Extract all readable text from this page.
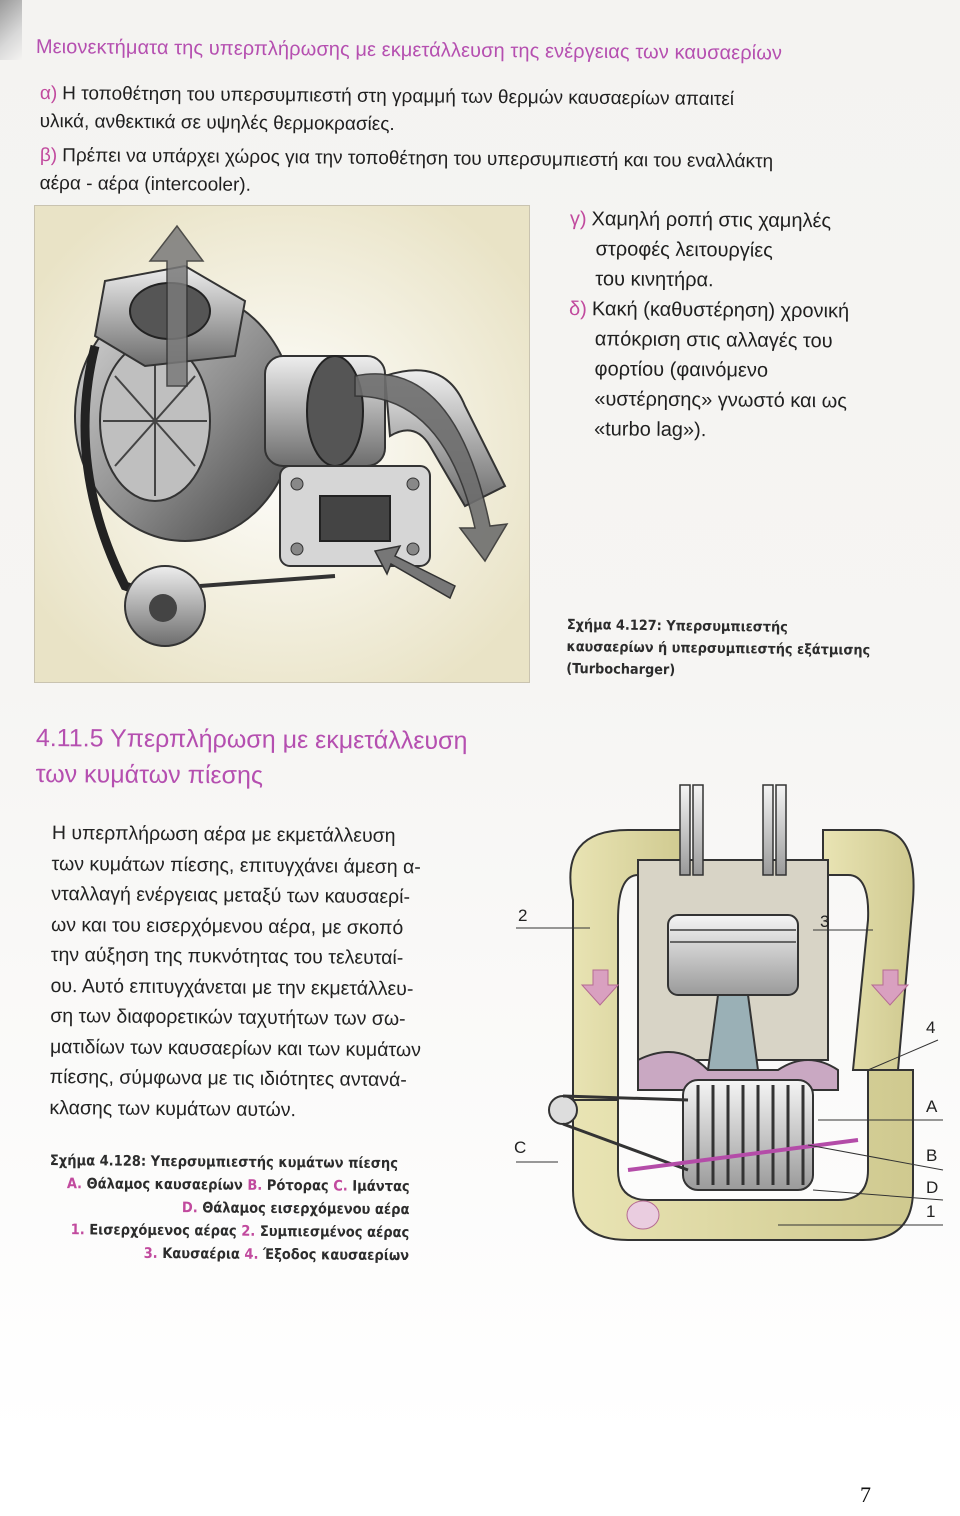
Μειονεκτήματα της υπερπλήρωσης με εκμετάλλευση της ενέργειας των καυσαερίων
α) Η τοποθέτηση του υπερσυμπιεστή στη γραμμή των θερμών καυσαερίων απαιτεί
υλικά, ανθεκτικά σε υψηλές θερμοκρασίες.
β) Πρέπει να υπάρχει χώρος για την τοποθέτηση του υπερσυμπιεστή και του εναλλάκτη
αέρα - αέρα (intercooler).
γ) Χαμηλή ροπή στις χαμηλές
στροφές λειτουργίες
του κινητήρα.
δ) Κακή (καθυστέρηση) χρονική
απόκριση στις αλλαγές του
φορτίου (φαινόμενο
«υστέρησης» γνωστό και ως
«turbo lag»).
Σχήμα 4.127: Υπερσυμπιεστής
καυσαερίων ή υπερσυμπιεστής εξάτμισης
(Turbocharger)
4.11.5 Υπερπλήρωση με εκμετάλλευση
των κυμάτων πίεσης
Η υπερπλήρωση αέρα με εκμετάλλευση
των κυμάτων πίεσης, επιτυγχάνει άμεση α-
νταλλαγή ενέργειας μεταξύ των καυσαερί-
ων και του εισερχόμενου αέρα, με σκοπό
την αύξηση της πυκνότητας του τελευταί-
ου. Αυτό επιτυγχάνεται με την εκμετάλλευ-
ση των διαφορετικών ταχυτήτων των σω-
ματιδίων των καυσαερίων και των κυμάτων
πίεσης, σύμφωνα με τις ιδιότητες αντανά-
κλασης των κυμάτων αυτών.
Σχήμα 4.128: Υπερσυμπιεστής κυμάτων πίεσης
Α. Θάλαμος καυσαερίων Β. Ρότορας C. Ιμάντας
D. Θάλαμος εισερχόμενου αέρα
1. Εισερχόμενος αέρας 2. Συμπιεσμένος αέρας
3. Καυσαέρια 4. Έξοδος καυσαερίων
2	3
4
A
C	B
D
1
7
